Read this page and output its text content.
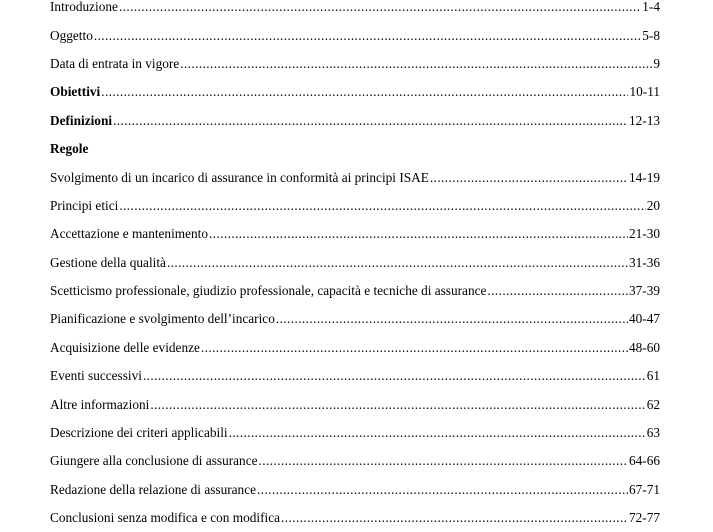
Introduzione .....	1-4
Oggetto .....	5-8
Data di entrata in vigore .....	9
Obiettivi .....	10-11
Definizioni .....	12-13
Regole
Svolgimento di un incarico di assurance in conformità ai principi ISAE .....	14-19
Principi etici .....	20
Accettazione e mantenimento .....	21-30
Gestione della qualità .....	31-36
Scetticismo professionale, giudizio professionale, capacità e tecniche di assurance .....	37-39
Pianificazione e svolgimento dell’incarico .....	40-47
Acquisizione delle evidenze .....	48-60
Eventi successivi .....	61
Altre informazioni .....	62
Descrizione dei criteri applicabili .....	63
Giungere alla conclusione di assurance .....	64-66
Redazione della relazione di assurance .....	67-71
Conclusioni senza modifica e con modifica .....	72-77
